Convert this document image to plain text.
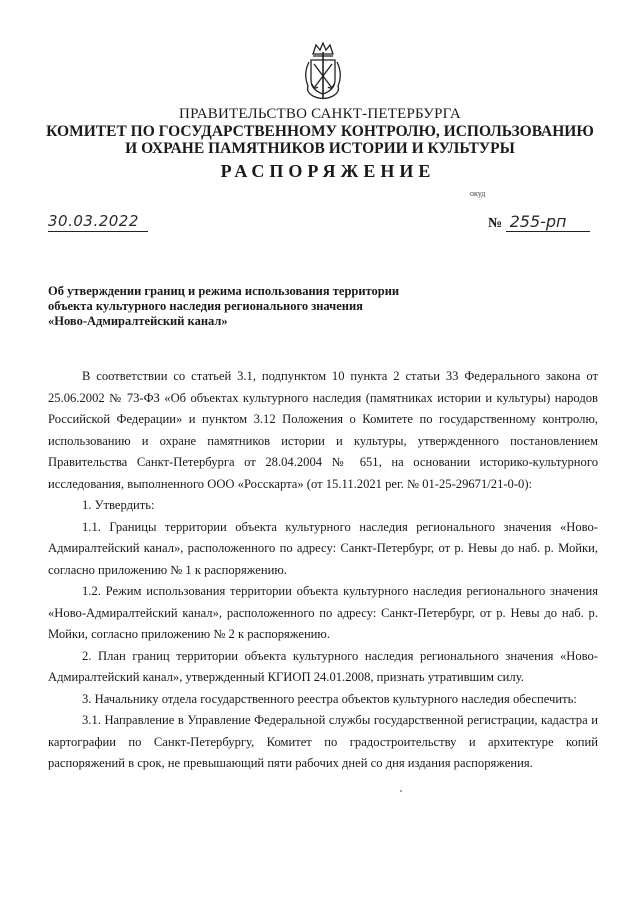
ПРАВИТЕЛЬСТВО САНКТ-ПЕТЕРБУРГА
КОМИТЕТ ПО ГОСУДАРСТВЕННОМУ КОНТРОЛЮ, ИСПОЛЬЗОВАНИЮ
И ОХРАНЕ ПАМЯТНИКОВ ИСТОРИИ И КУЛЬТУРЫ
РАСПОРЯЖЕНИЕ
окуд
30.03.2022	№ 255-рп
Об утверждении границ и режима использования территории
объекта культурного наследия регионального значения
«Ново-Адмиралтейский канал»

В соответствии со статьей 3.1, подпунктом 10 пункта 2 статьи 33 Федерального закона от 25.06.2002 № 73-ФЗ «Об объектах культурного наследия (памятниках истории и культуры) народов Российской Федерации» и пунктом 3.12 Положения о Комитете по государственному контролю, использованию и охране памятников истории и культуры, утвержденного постановлением Правительства Санкт-Петербурга от 28.04.2004 № 651, на основании историко-культурного исследования, выполненного ООО «Росскарта» (от 15.11.2021 рег. № 01-25-29671/21-0-0):

1. Утвердить:

1.1. Границы территории объекта культурного наследия регионального значения «Ново-Адмиралтейский канал», расположенного по адресу: Санкт-Петербург, от р. Невы до наб. р. Мойки, согласно приложению № 1 к распоряжению.

1.2. Режим использования территории объекта культурного наследия регионального значения «Ново-Адмиралтейский канал», расположенного по адресу: Санкт-Петербург, от р. Невы до наб. р. Мойки, согласно приложению № 2 к распоряжению.

2. План границ территории объекта культурного наследия регионального значения «Ново-Адмиралтейский канал», утвержденный КГИОП 24.01.2008, признать утратившим силу.

3. Начальнику отдела государственного реестра объектов культурного наследия обеспечить:

3.1. Направление в Управление Федеральной службы государственной регистрации, кадастра и картографии по Санкт-Петербургу, Комитет по градостроительству и архитектуре копий распоряжений в срок, не превышающий пяти рабочих дней со дня издания распоряжения.
